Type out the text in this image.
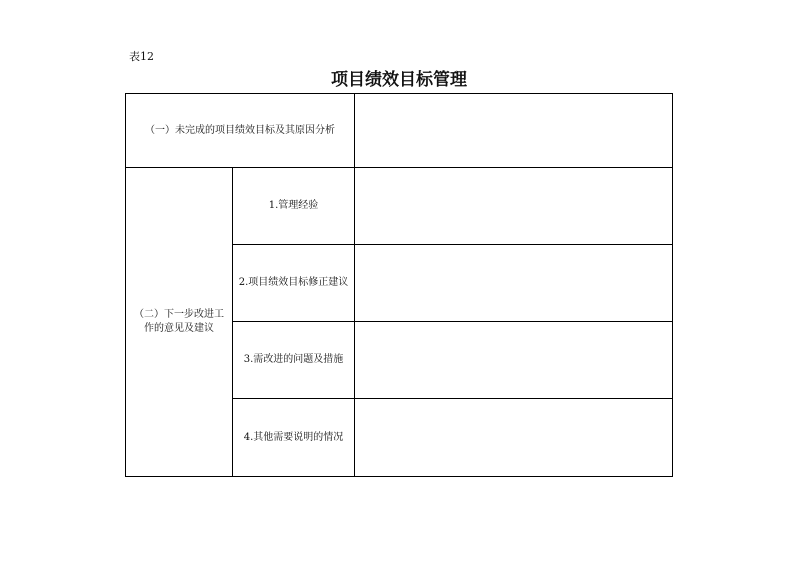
表12
项目绩效目标管理
（一）未完成的项目绩效目标及其原因分析
（二）下一步改进工作的意见及建议
1.管理经验
2.项目绩效目标修正建议
3.需改进的问题及措施
4.其他需要说明的情况
